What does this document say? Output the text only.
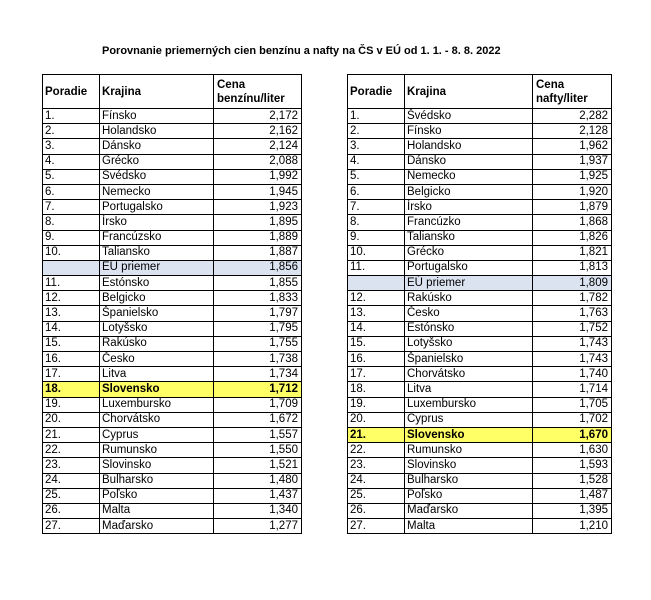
Porovnanie priemerných cien benzínu a nafty na ČS v EÚ od 1. 1. - 8. 8. 2022
Poradie	Krajina	Cena benzínu/liter
1.	Fínsko	2,172
2.	Holandsko	2,162
3.	Dánsko	2,124
4.	Grécko	2,088
5.	Švédsko	1,992
6.	Nemecko	1,945
7.	Portugalsko	1,923
8.	Írsko	1,895
9.	Francúzsko	1,889
10.	Taliansko	1,887
	EÚ priemer	1,856
11.	Estónsko	1,855
12.	Belgicko	1,833
13.	Španielsko	1,797
14.	Lotyšsko	1,795
15.	Rakúsko	1,755
16.	Česko	1,738
17.	Litva	1,734
18.	Slovensko	1,712
19.	Luxembursko	1,709
20.	Chorvátsko	1,672
21.	Cyprus	1,557
22.	Rumunsko	1,550
23.	Slovinsko	1,521
24.	Bulharsko	1,480
25.	Poľsko	1,437
26.	Malta	1,340
27.	Maďarsko	1,277
Poradie	Krajina	Cena nafty/liter
1.	Švédsko	2,282
2.	Fínsko	2,128
3.	Holandsko	1,962
4.	Dánsko	1,937
5.	Nemecko	1,925
6.	Belgicko	1,920
7.	Írsko	1,879
8.	Francúzko	1,868
9.	Taliansko	1,826
10.	Grécko	1,821
11.	Portugalsko	1,813
	EÚ priemer	1,809
12.	Rakúsko	1,782
13.	Česko	1,763
14.	Estónsko	1,752
15.	Lotyšsko	1,743
16.	Španielsko	1,743
17.	Chorvátsko	1,740
18.	Litva	1,714
19.	Luxembursko	1,705
20.	Cyprus	1,702
21.	Slovensko	1,670
22.	Rumunsko	1,630
23.	Slovinsko	1,593
24.	Bulharsko	1,528
25.	Poľsko	1,487
26.	Maďarsko	1,395
27.	Malta	1,210
